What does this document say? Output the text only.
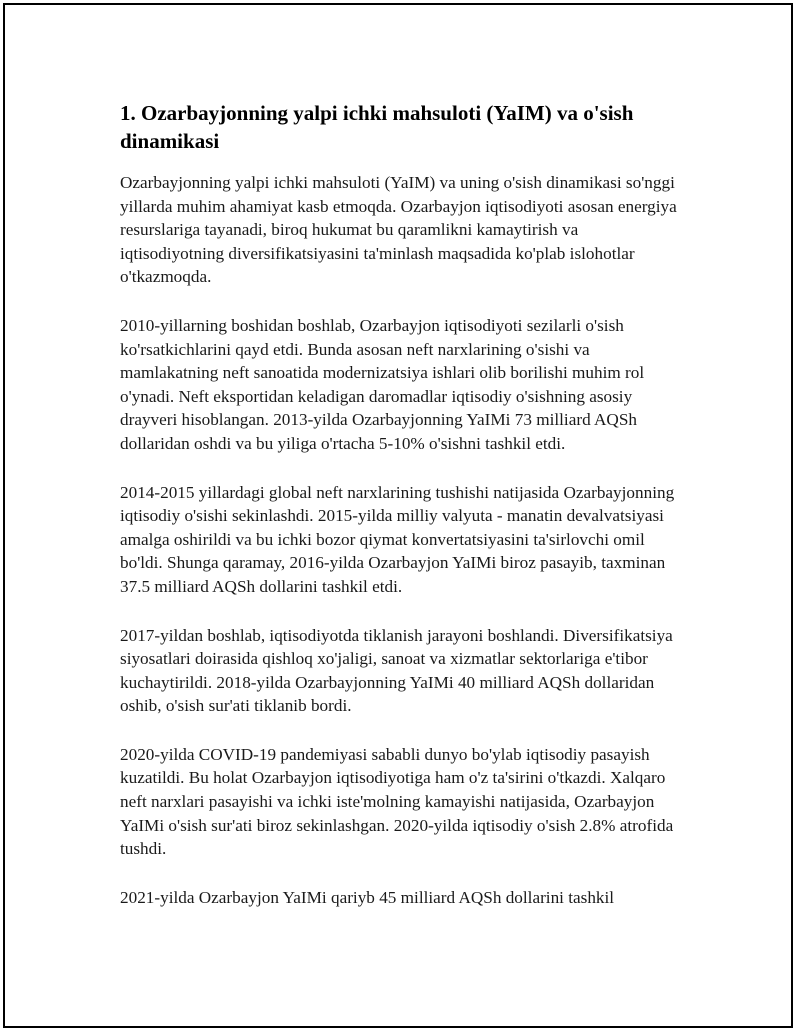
1. Ozarbayjonning yalpi ichki mahsuloti (YaIM) va o'sish dinamikasi

Ozarbayjonning yalpi ichki mahsuloti (YaIM) va uning o'sish dinamikasi so'nggi yillarda muhim ahamiyat kasb etmoqda. Ozarbayjon iqtisodiyoti asosan energiya resurslariga tayanadi, biroq hukumat bu qaramlikni kamaytirish va iqtisodiyotning diversifikatsiyasini ta'minlash maqsadida ko'plab islohotlar o'tkazmoqda.

2010-yillarning boshidan boshlab, Ozarbayjon iqtisodiyoti sezilarli o'sish ko'rsatkichlarini qayd etdi. Bunda asosan neft narxlarining o'sishi va mamlakatning neft sanoatida modernizatsiya ishlari olib borilishi muhim rol o'ynadi. Neft eksportidan keladigan daromadlar iqtisodiy o'sishning asosiy drayveri hisoblangan. 2013-yilda Ozarbayjonning YaIMi 73 milliard AQSh dollaridan oshdi va bu yiliga o'rtacha 5-10% o'sishni tashkil etdi.

2014-2015 yillardagi global neft narxlarining tushishi natijasida Ozarbayjonning iqtisodiy o'sishi sekinlashdi. 2015-yilda milliy valyuta - manatin devalvatsiyasi amalga oshirildi va bu ichki bozor qiymat konvertatsiyasini ta'sirlovchi omil bo'ldi. Shunga qaramay, 2016-yilda Ozarbayjon YaIMi biroz pasayib, taxminan 37.5 milliard AQSh dollarini tashkil etdi.

2017-yildan boshlab, iqtisodiyotda tiklanish jarayoni boshlandi. Diversifikatsiya siyosatlari doirasida qishloq xo'jaligi, sanoat va xizmatlar sektorlariga e'tibor kuchaytirildi. 2018-yilda Ozarbayjonning YaIMi 40 milliard AQSh dollaridan oshib, o'sish sur'ati tiklanib bordi.

2020-yilda COVID-19 pandemiyasi sababli dunyo bo'ylab iqtisodiy pasayish kuzatildi. Bu holat Ozarbayjon iqtisodiyotiga ham o'z ta'sirini o'tkazdi. Xalqaro neft narxlari pasayishi va ichki iste'molning kamayishi natijasida, Ozarbayjon YaIMi o'sish sur'ati biroz sekinlashgan. 2020-yilda iqtisodiy o'sish 2.8% atrofida tushdi.

2021-yilda Ozarbayjon YaIMi qariyb 45 milliard AQSh dollarini tashkil
